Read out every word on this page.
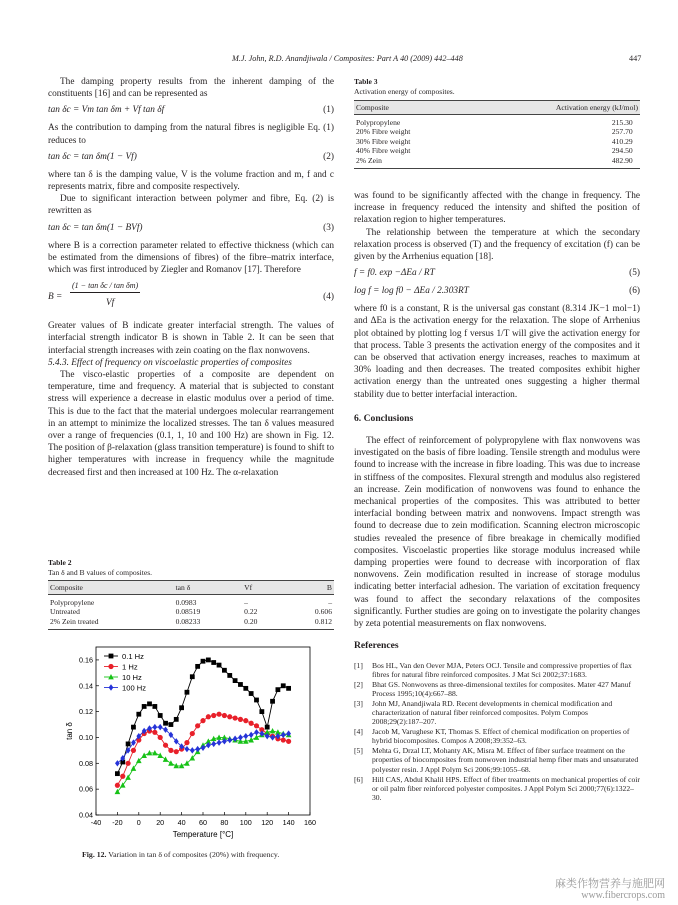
M.J. John, R.D. Anandjiwala / Composites: Part A 40 (2009) 442–448	447

The damping property results from the inherent damping of the constituents [16] and can be represented as

tan δc = Vm tan δm + Vf tan δf	(1)

As the contribution to damping from the natural fibres is negligible Eq. (1) reduces to

tan δc = tan δm(1 − Vf)	(2)

where tan δ is the damping value, V is the volume fraction and m, f and c represents matrix, fibre and composite respectively.

Due to significant interaction between polymer and fibre, Eq. (2) is rewritten as

tan δc = tan δm(1 − BVf)	(3)

where B is a correction parameter related to effective thickness (which can be estimated from the dimensions of fibres) of the fibre–matrix interface, which was first introduced by Ziegler and Romanov [17]. Therefore

B =
(1 − tan δc / tan δm)
Vf
(4)

Greater values of B indicate greater interfacial strength. The values of interfacial strength indicator B is shown in Table 2. It can be seen that interfacial strength increases with zein coating on the flax nonwovens.

5.4.3. Effect of frequency on viscoelastic properties of composites

The visco-elastic properties of a composite are dependent on temperature, time and frequency. A material that is subjected to constant stress will experience a decrease in elastic modulus over a period of time. This is due to the fact that the material undergoes molecular rearrangement in an attempt to minimize the localized stresses. The tan δ values measured over a range of frequencies (0.1, 1, 10 and 100 Hz) are shown in Fig. 12. The position of β-relaxation (glass transition temperature) is found to shift to higher temperatures with increase in frequency while the magnitude decreased first and then increased at 100 Hz. The α-relaxation

Table 2
Tan δ and B values of composites.
Composite	tan δ	Vf	B
Polypropylene	0.0983	–	–
Untreated	0.08519	0.22	0.606
2% Zein treated	0.08233	0.20	0.812
-40 -20 0 20 40 60 80 100 120 140 160
0.04
0.06
0.08
0.10
0.12
0.14
0.16
Temperature [°C]
tan δ
0.1 Hz
1 Hz
10 Hz
100 Hz
Fig. 12. Variation in tan δ of composites (20%) with frequency.
Table 3
Activation energy of composites.
Composite	Activation energy (kJ/mol)
Polypropylene	215.30
20% Fibre weight	257.70
30% Fibre weight	410.29
40% Fibre weight	294.50
2% Zein	482.90

was found to be significantly affected with the change in frequency. The increase in frequency reduced the intensity and shifted the position of relaxation region to higher temperatures.

The relationship between the temperature at which the secondary relaxation process is observed (T) and the frequency of excitation (f) can be given by the Arrhenius equation [18].

f = f0. exp −ΔEa / RT	(5)
log f = log f0 − ΔEa / 2.303RT	(6)

where f0 is a constant, R is the universal gas constant (8.314 JK−1 mol−1) and ΔEa is the activation energy for the relaxation. The slope of Arrhenius plot obtained by plotting log f versus 1/T will give the activation energy for that process. Table 3 presents the activation energy of the composites and it can be observed that activation energy increases, reaches to maximum at 30% loading and then decreases. The treated composites exhibit higher activation energy than the untreated ones suggesting a higher thermal stability due to better interfacial interaction.

6. Conclusions

The effect of reinforcement of polypropylene with flax nonwovens was investigated on the basis of fibre loading. Tensile strength and modulus were found to increase with the increase in fibre loading. This was due to increase in stiffness of the composites. Flexural strength and modulus also registered an increase. Zein modification of nonwovens was found to enhance the mechanical properties of the composites. This was attributed to better interfacial bonding between matrix and nonwovens. Impact strength was found to decrease due to zein modification. Scanning electron microscopic studies revealed the presence of fibre breakage in chemically modified composites. Viscoelastic properties like storage modulus increased while damping properties were found to decrease with incorporation of flax nonwovens. Zein modification resulted in increase of storage modulus indicating better interfacial adhesion. The variation of excitation frequency was found to affect the secondary relaxations of the composites significantly. Further studies are going on to investigate the polarity changes by zeta potential measurements on flax nonwovens.

References

[1] Bos HL, Van den Oever MJA, Peters OCJ. Tensile and compressive properties of flax fibres for natural fibre reinforced composites. J Mat Sci 2002;37:1683.
[2] Bhat GS. Nonwovens as three-dimensional textiles for composites. Mater 427 Manuf Process 1995;10(4):667–88.
[3] John MJ, Anandjiwala RD. Recent developments in chemical modification and characterization of natural fiber reinforced composites. Polym Compos 2008;29(2):187–207.
[4] Jacob M, Varughese KT, Thomas S. Effect of chemical modification on properties of hybrid biocomposites. Compos A 2008;39:352–63.
[5] Mehta G, Drzal LT, Mohanty AK, Misra M. Effect of fiber surface treatment on the properties of biocomposites from nonwoven industrial hemp fiber mats and unsaturated polyester resin. J Appl Polym Sci 2006;99:1055–68.
[6] Hill CAS, Abdul Khalil HPS. Effect of fiber treatments on mechanical properties of coir or oil palm fiber reinforced polyester composites. J Appl Polym Sci 2000;77(6):1322–30.
麻类作物营养与施肥网
www.fibercrops.com
